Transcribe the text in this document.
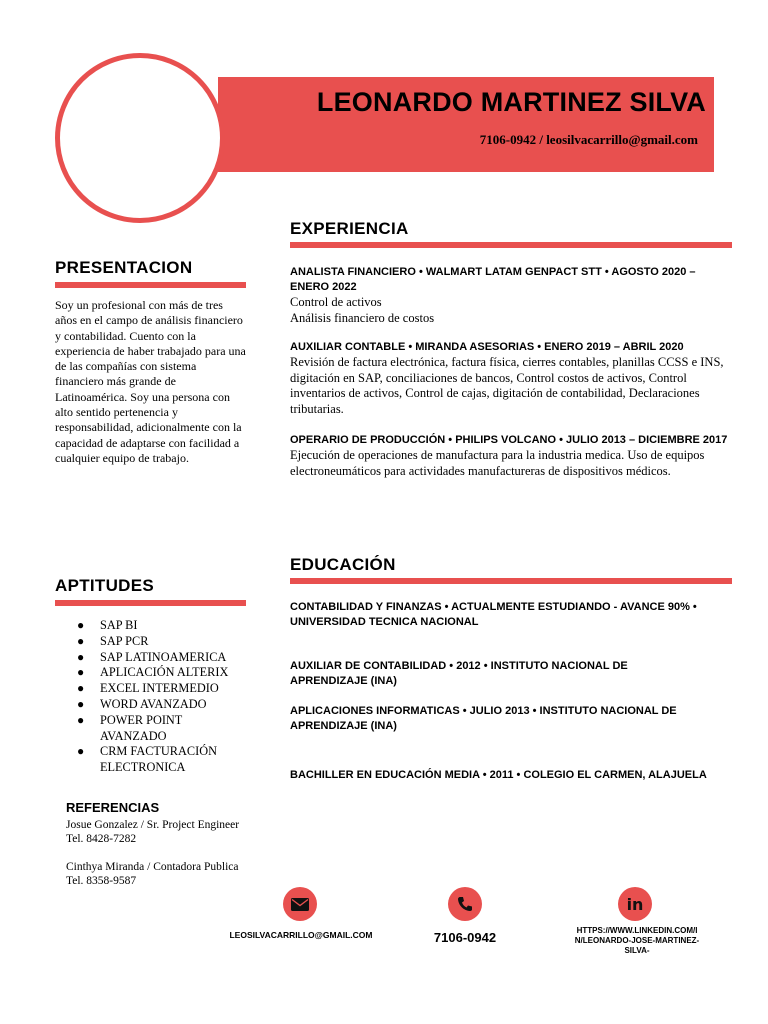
LEONARDO MARTINEZ SILVA
7106-0942 / leosilvacarrillo@gmail.com
PRESENTACION
Soy un profesional con más de tres años en el campo de análisis financiero y contabilidad. Cuento con la experiencia de haber trabajado para una de las compañías con sistema financiero más grande de Latinoamérica. Soy una persona con alto sentido pertenencia y responsabilidad, adicionalmente con la capacidad de adaptarse con facilidad a cualquier equipo de trabajo.
APTITUDES
● SAP BI
● SAP PCR
● SAP LATINOAMERICA
● APLICACIÓN ALTERIX
● EXCEL INTERMEDIO
● WORD AVANZADO
● POWER POINT AVANZADO
● CRM FACTURACIÓN ELECTRONICA
REFERENCIAS
Josue Gonzalez / Sr. Project Engineer
Tel. 8428-7282
Cinthya Miranda / Contadora Publica
Tel. 8358-9587
EXPERIENCIA
ANALISTA FINANCIERO • WALMART LATAM GENPACT STT • AGOSTO 2020 – ENERO 2022
Control de activos
Análisis financiero de costos
AUXILIAR CONTABLE • MIRANDA ASESORIAS • ENERO 2019 – ABRIL 2020
Revisión de factura electrónica, factura física, cierres contables, planillas CCSS e INS, digitación en SAP, conciliaciones de bancos, Control costos de activos, Control inventarios de activos, Control de cajas, digitación de contabilidad, Declaraciones tributarias.
OPERARIO DE PRODUCCIÓN • PHILIPS VOLCANO • JULIO 2013 – DICIEMBRE 2017
Ejecución de operaciones de manufactura para la industria medica. Uso de equipos electroneumáticos para actividades manufactureras de dispositivos médicos.
EDUCACIÓN
CONTABILIDAD Y FINANZAS • ACTUALMENTE ESTUDIANDO - AVANCE 90% • UNIVERSIDAD TECNICA NACIONAL
AUXILIAR DE CONTABILIDAD • 2012 • INSTITUTO NACIONAL DE APRENDIZAJE (INA)
APLICACIONES INFORMATICAS • JULIO 2013 • INSTITUTO NACIONAL DE APRENDIZAJE (INA)
BACHILLER EN EDUCACIÓN MEDIA • 2011 • COLEGIO EL CARMEN, ALAJUELA
in
LEOSILVACARRILLO@GMAIL.COM	7106-0942	HTTPS://WWW.LINKEDIN.COM/IN/LEONARDO-JOSE-MARTINEZ-SILVA-
